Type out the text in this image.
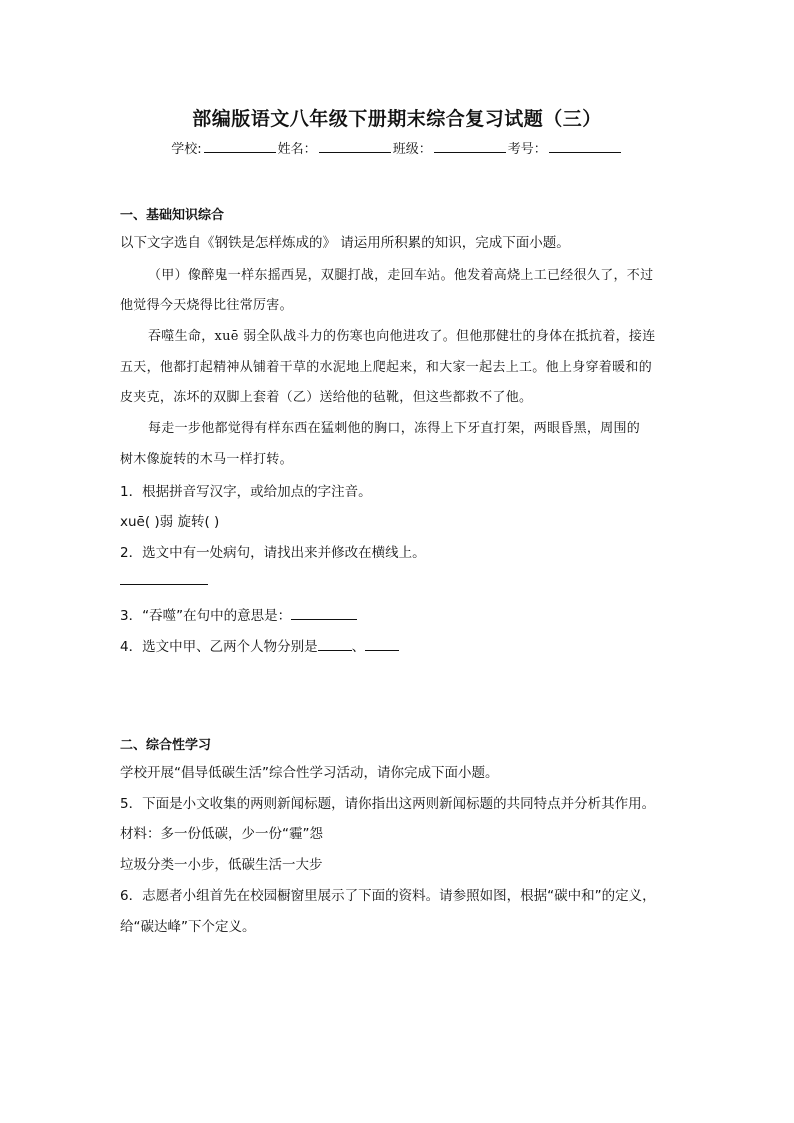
部编版语文八年级下册期末综合复习试题（三）
学校:	姓名：	班级：	考号：
一、基础知识综合
以下文字选自《钢铁是怎样炼成的》 请运用所积累的知识，完成下面小题。
（甲）像醉鬼一样东摇西晃，双腿打战，走回车站。他发着高烧上工已经很久了，不过
他觉得今天烧得比往常厉害。
吞噬生命，xuē 弱全队战斗力的伤寒也向他进攻了。但他那健壮的身体在抵抗着，接连
五天，他都打起精神从铺着干草的水泥地上爬起来，和大家一起去上工。他上身穿着暖和的
皮夹克，冻坏的双脚上套着（乙）送给他的毡靴，但这些都救不了他。
每走一步他都觉得有样东西在猛刺他的胸口，冻得上下牙直打架，两眼昏黑，周围的
树木像旋转的木马一样打转。
1．根据拼音写汉字，或给加点的字注音。
xuē( )弱 旋转( )
2．选文中有一处病句，请找出来并修改在横线上。
3．“吞噬”在句中的意思是：
4．选文中甲、乙两个人物分别是	、
二、综合性学习
学校开展“倡导低碳生活”综合性学习活动，请你完成下面小题。
5．下面是小文收集的两则新闻标题，请你指出这两则新闻标题的共同特点并分析其作用。
材料：多一份低碳，少一份“霾”怨
垃圾分类一小步，低碳生活一大步
6．志愿者小组首先在校园橱窗里展示了下面的资料。请参照如图，根据“碳中和”的定义，
给“碳达峰”下个定义。
